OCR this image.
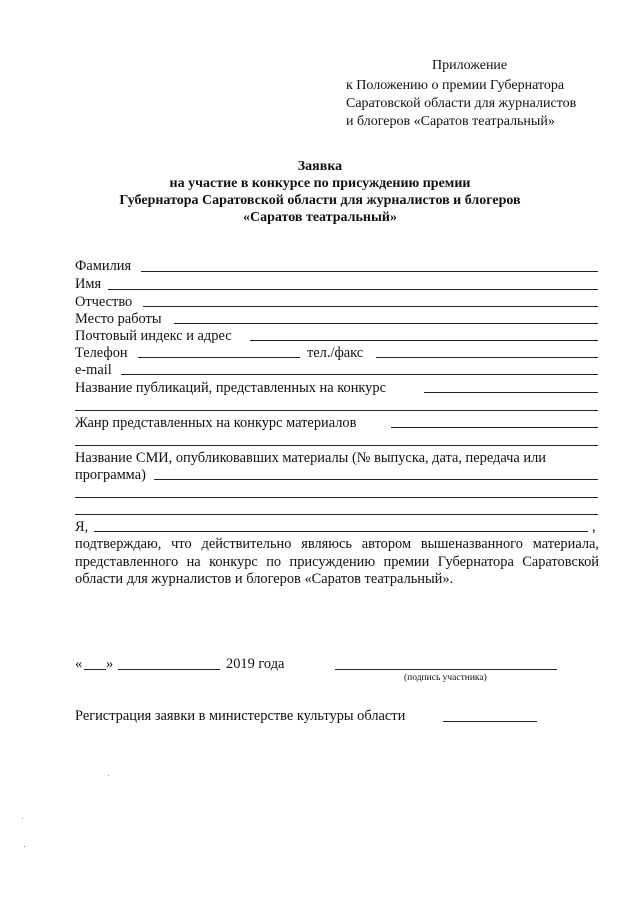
Приложение
к Положению о премии Губернатора
Саратовской области для журналистов
и блогеров «Саратов театральный»
Заявка
на участие в конкурсе по присуждению премии
Губернатора Саратовской области для журналистов и блогеров
«Саратов театральный»
Фамилия
Имя
Отчество
Место работы
Почтовый индекс и адрес
Телефон	тел./факс
e-mail
Название публикаций, представленных на конкурс
Жанр представленных на конкурс материалов
Название СМИ, опубликовавших материалы (№ выпуска, дата, передача или
программа)
Я,	,
подтверждаю, что действительно являюсь автором вышеназванного материала, представленного на конкурс по присуждению премии Губернатора Саратовской области для журналистов и блогеров «Саратов театральный».
« »	2019 года
(подпись участника)
Регистрация заявки в министерстве культуры области
